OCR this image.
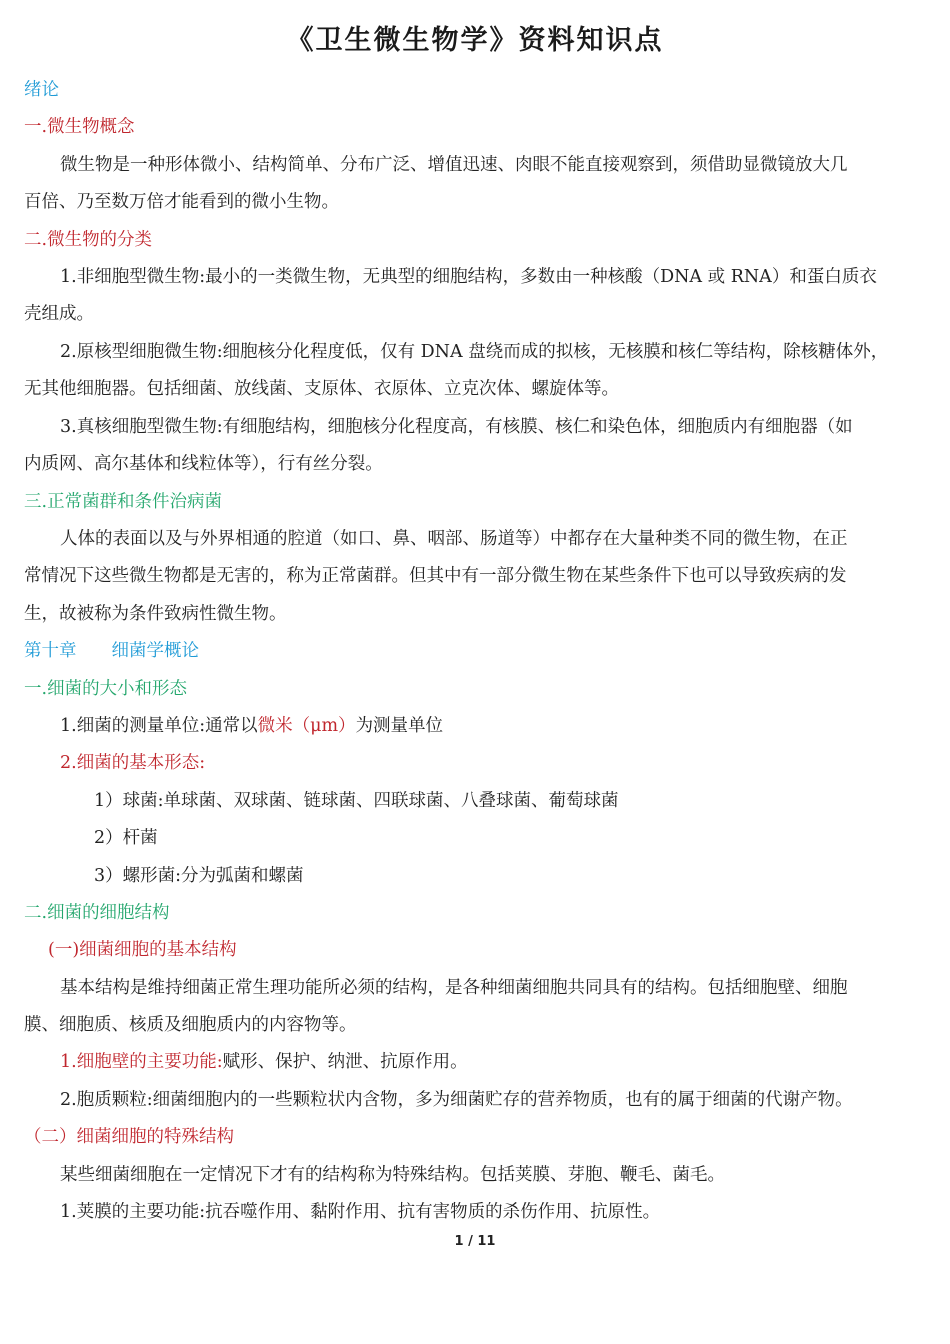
《卫生微生物学》资料知识点
绪论
一.微生物概念
微生物是一种形体微小、结构简单、分布广泛、增值迅速、肉眼不能直接观察到，须借助显微镜放大几
百倍、乃至数万倍才能看到的微小生物。
二.微生物的分类
1.非细胞型微生物:最小的一类微生物，无典型的细胞结构，多数由一种核酸（DNA 或 RNA）和蛋白质衣
壳组成。
2.原核型细胞微生物:细胞核分化程度低，仅有 DNA 盘绕而成的拟核，无核膜和核仁等结构，除核糖体外，
无其他细胞器。包括细菌、放线菌、支原体、衣原体、立克次体、螺旋体等。
3.真核细胞型微生物:有细胞结构，细胞核分化程度高，有核膜、核仁和染色体，细胞质内有细胞器（如
内质网、高尔基体和线粒体等），行有丝分裂。
三.正常菌群和条件治病菌
人体的表面以及与外界相通的腔道（如口、鼻、咽部、肠道等）中都存在大量种类不同的微生物，在正
常情况下这些微生物都是无害的，称为正常菌群。但其中有一部分微生物在某些条件下也可以导致疾病的发
生，故被称为条件致病性微生物。
第十章　　细菌学概论
一.细菌的大小和形态
1.细菌的测量单位:通常以微米（μm）为测量单位
2.细菌的基本形态:
1）球菌:单球菌、双球菌、链球菌、四联球菌、八叠球菌、葡萄球菌
2）杆菌
3）螺形菌:分为弧菌和螺菌
二.细菌的细胞结构
(一)细菌细胞的基本结构
基本结构是维持细菌正常生理功能所必须的结构，是各种细菌细胞共同具有的结构。包括细胞壁、细胞
膜、细胞质、核质及细胞质内的内容物等。
1.细胞壁的主要功能:赋形、保护、纳泄、抗原作用。
2.胞质颗粒:细菌细胞内的一些颗粒状内含物，多为细菌贮存的营养物质，也有的属于细菌的代谢产物。
（二）细菌细胞的特殊结构
某些细菌细胞在一定情况下才有的结构称为特殊结构。包括荚膜、芽胞、鞭毛、菌毛。
1.荚膜的主要功能:抗吞噬作用、黏附作用、抗有害物质的杀伤作用、抗原性。
1 / 11
